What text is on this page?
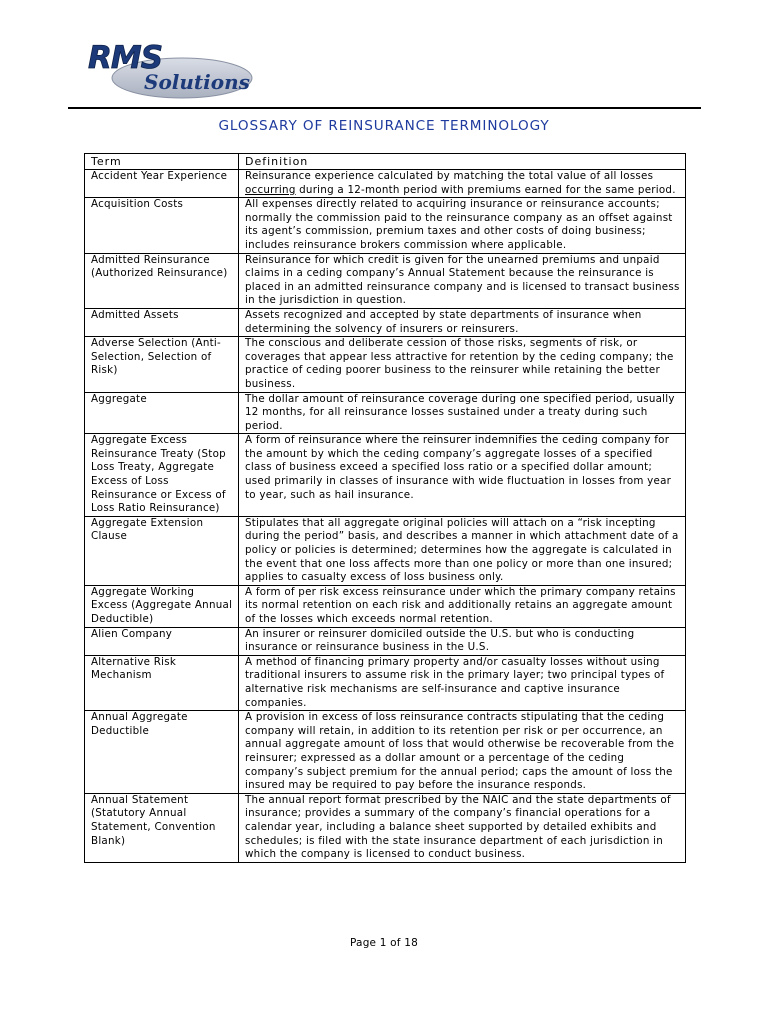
RMS
Solutions
GLOSSARY OF REINSURANCE TERMINOLOGY
Term	Definition
Accident Year Experience	Reinsurance experience calculated by matching the total value of all losses occurring during a 12-month period with premiums earned for the same period.
Acquisition Costs	All expenses directly related to acquiring insurance or reinsurance accounts; normally the commission paid to the reinsurance company as an offset against its agent’s commission, premium taxes and other costs of doing business; includes reinsurance brokers commission where applicable.
Admitted Reinsurance (Authorized Reinsurance)	Reinsurance for which credit is given for the unearned premiums and unpaid claims in a ceding company’s Annual Statement because the reinsurance is placed in an admitted reinsurance company and is licensed to transact business in the jurisdiction in question.
Admitted Assets	Assets recognized and accepted by state departments of insurance when determining the solvency of insurers or reinsurers.
Adverse Selection (Anti-Selection, Selection of Risk)	The conscious and deliberate cession of those risks, segments of risk, or coverages that appear less attractive for retention by the ceding company; the practice of ceding poorer business to the reinsurer while retaining the better business.
Aggregate	The dollar amount of reinsurance coverage during one specified period, usually 12 months, for all reinsurance losses sustained under a treaty during such period.
Aggregate Excess Reinsurance Treaty (Stop Loss Treaty, Aggregate Excess of Loss Reinsurance or Excess of Loss Ratio Reinsurance)	A form of reinsurance where the reinsurer indemnifies the ceding company for the amount by which the ceding company’s aggregate losses of a specified class of business exceed a specified loss ratio or a specified dollar amount; used primarily in classes of insurance with wide fluctuation in losses from year to year, such as hail insurance.
Aggregate Extension Clause	Stipulates that all aggregate original policies will attach on a “risk incepting during the period” basis, and describes a manner in which attachment date of a policy or policies is determined; determines how the aggregate is calculated in the event that one loss affects more than one policy or more than one insured; applies to casualty excess of loss business only.
Aggregate Working Excess (Aggregate Annual Deductible)	A form of per risk excess reinsurance under which the primary company retains its normal retention on each risk and additionally retains an aggregate amount of the losses which exceeds normal retention.
Alien Company	An insurer or reinsurer domiciled outside the U.S. but who is conducting insurance or reinsurance business in the U.S.
Alternative Risk Mechanism	A method of financing primary property and/or casualty losses without using traditional insurers to assume risk in the primary layer; two principal types of alternative risk mechanisms are self-insurance and captive insurance companies.
Annual Aggregate Deductible	A provision in excess of loss reinsurance contracts stipulating that the ceding company will retain, in addition to its retention per risk or per occurrence, an annual aggregate amount of loss that would otherwise be recoverable from the reinsurer; expressed as a dollar amount or a percentage of the ceding company’s subject premium for the annual period; caps the amount of loss the insured may be required to pay before the insurance responds.
Annual Statement (Statutory Annual Statement, Convention Blank)	The annual report format prescribed by the NAIC and the state departments of insurance; provides a summary of the company’s financial operations for a calendar year, including a balance sheet supported by detailed exhibits and schedules; is filed with the state insurance department of each jurisdiction in which the company is licensed to conduct business.
Page 1 of 18
